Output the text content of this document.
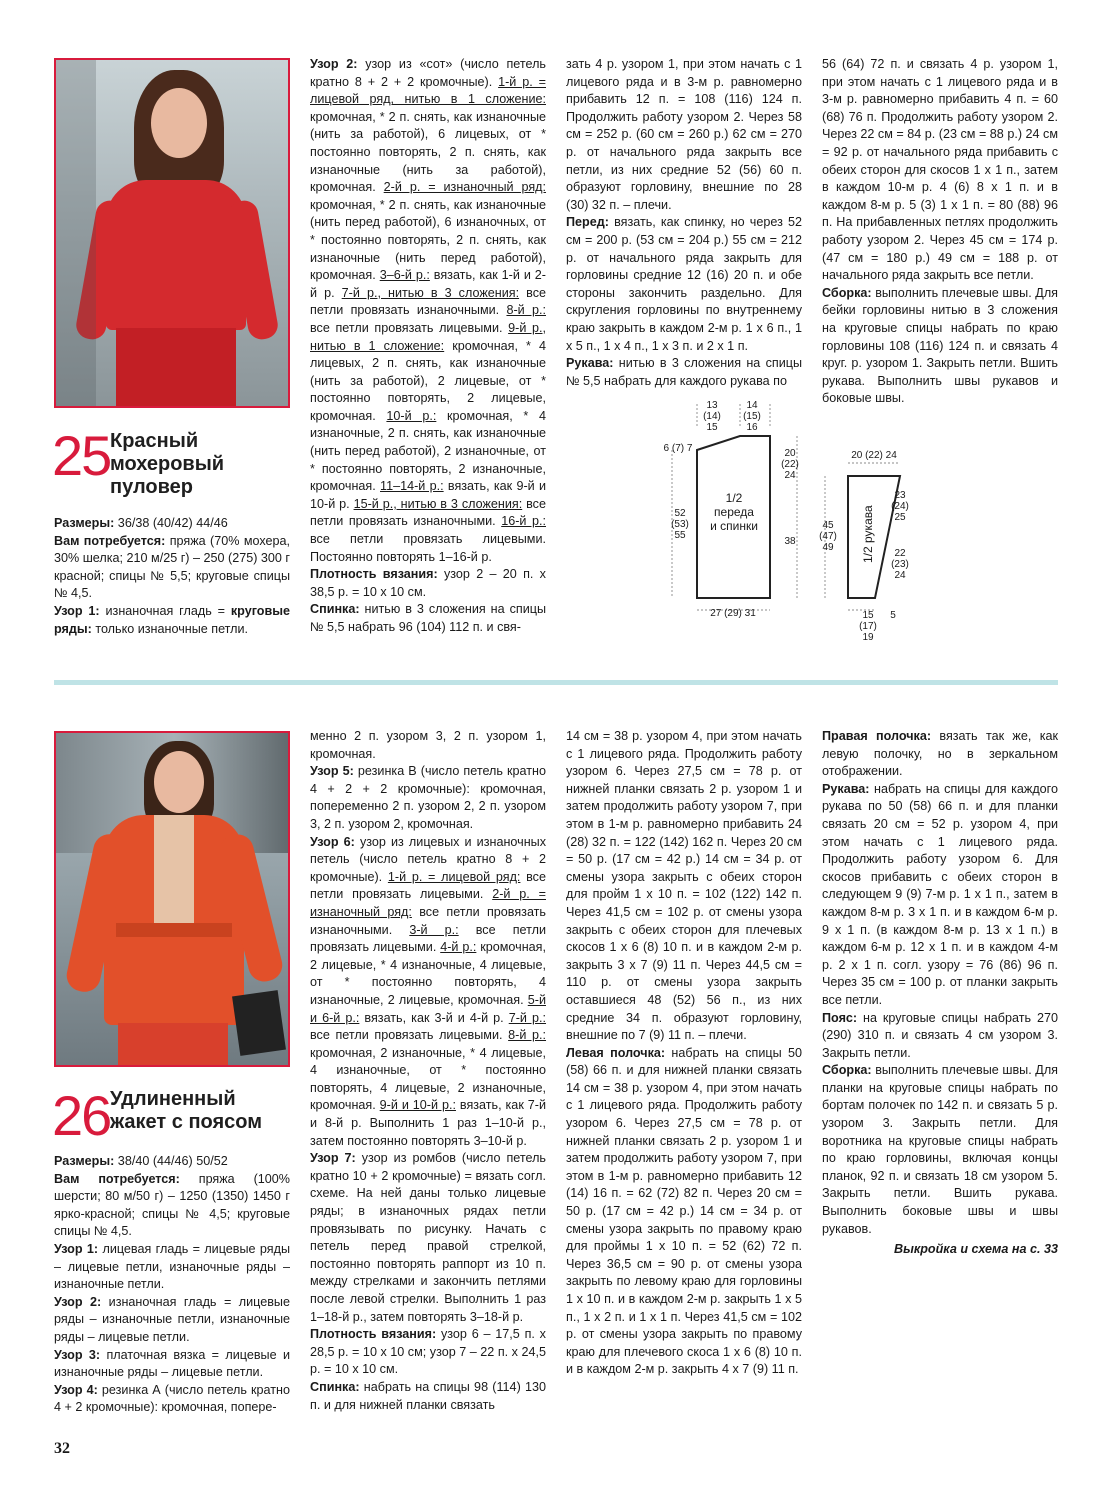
25 Красный
мохеровый
пуловер

Размеры: 36/38 (40/42) 44/46

Вам потребуется: пряжа (70% мохера, 30% шелка; 210 м/25 г) – 250 (275) 300 г красной; спицы № 5,5; круговые спицы № 4,5.

Узор 1: изнаночная гладь = круговые ряды: только изнаночные петли.

Узор 2: узор из «сот» (число петель кратно 8 + 2 + 2 кромочные). 1-й р. = лицевой ряд, нитью в 1 сложение: кромочная, * 2 п. снять, как изнаночные (нить за работой), 6 лицевых, от * постоянно повторять, 2 п. снять, как изнаночные (нить за работой), кромочная. 2-й р. = изнаночный ряд: кромочная, * 2 п. снять, как изнаночные (нить перед работой), 6 изнаночных, от * постоянно повторять, 2 п. снять, как изнаночные (нить перед работой), кромочная. 3–6-й р.: вязать, как 1-й и 2-й р. 7-й р., нитью в 3 сложения: все петли провязать изнаночными. 8-й р.: все петли провязать лицевыми. 9-й р., нитью в 1 сложение: кромочная, * 4 лицевых, 2 п. снять, как изнаночные (нить за работой), 2 лицевые, от * постоянно повторять, 2 лицевые, кромочная. 10-й р.: кромочная, * 4 изнаночные, 2 п. снять, как изнаночные (нить перед работой), 2 изнаночные, от * постоянно повторять, 2 изнаночные, кромочная. 11–14-й р.: вязать, как 9-й и 10-й р. 15-й р., нитью в 3 сложения: все петли провязать изнаночными. 16-й р.: все петли провязать лицевыми. Постоянно повторять 1–16-й р.
Плотность вязания: узор 2 – 20 п. х 38,5 р. = 10 х 10 см.
Спинка: нитью в 3 сложения на спицы № 5,5 набрать 96 (104) 112 п. и свя-
зать 4 р. узором 1, при этом начать с 1 лицевого ряда и в 3-м р. равномерно прибавить 12 п. = 108 (116) 124 п. Продолжить работу узором 2. Через 58 см = 252 р. (60 см = 260 р.) 62 см = 270 р. от начального ряда закрыть все петли, из них средние 52 (56) 60 п. образуют горловину, внешние по 28 (30) 32 п. – плечи.
Перед: вязать, как спинку, но через 52 см = 200 р. (53 см = 204 р.) 55 см = 212 р. от начального ряда закрыть для горловины средние 12 (16) 20 п. и обе стороны закончить раздельно. Для скругления горловины по внутреннему краю закрыть в каждом 2-м р. 1 х 6 п., 1 х 5 п., 1 х 4 п., 1 х 3 п. и 2 х 1 п.
Рукава: нитью в 3 сложения на спицы № 5,5 набрать для каждого рукава по
56 (64) 72 п. и связать 4 р. узором 1, при этом начать с 1 лицевого ряда и в 3-м р. равномерно прибавить 4 п. = 60 (68) 76 п. Продолжить работу узором 2. Через 22 см = 84 р. (23 см = 88 р.) 24 см = 92 р. от начального ряда прибавить с обеих сторон для скосов 1 х 1 п., затем в каждом 10-м р. 4 (6) 8 х 1 п. и в каждом 8-м р. 5 (3) 1 х 1 п. = 80 (88) 96 п. На прибавленных петлях продолжить работу узором 2. Через 45 см = 174 р. (47 см = 180 р.) 49 см = 188 р. от начального ряда закрыть все петли.
Сборка: выполнить плечевые швы. Для бейки горловины нитью в 3 сложения на круговые спицы набрать по краю горловины 108 (116) 124 п. и связать 4 круг. р. узором 1. Закрыть петли. Вшить рукава. Выполнить швы рукавов и боковые швы.
13
(14)
15
14
(15)
16
6 (7) 7	20
(22)
24
52
(53)
55
38
1/2
переда
и спинки
27 (29) 31
20 (22) 24
23
(24)
25
22
(23)
24
45
(47)
49 1/2 рукава
15
(17)
19
5
26 Удлиненный
жакет с поясом

Размеры: 38/40 (44/46) 50/52

Вам потребуется: пряжа (100% шерсти; 80 м/50 г) – 1250 (1350) 1450 г ярко-красной; спицы № 4,5; круговые спицы № 4,5.

Узор 1: лицевая гладь = лицевые ряды – лицевые петли, изнаночные ряды – изнаночные петли.

Узор 2: изнаночная гладь = лицевые ряды – изнаночные петли, изнаночные ряды – лицевые петли.

Узор 3: платочная вязка = лицевые и изнаночные ряды – лицевые петли.

Узор 4: резинка А (число петель кратно 4 + 2 кромочные): кромочная, попере-

менно 2 п. узором 3, 2 п. узором 1, кромочная.
Узор 5: резинка В (число петель кратно 4 + 2 + 2 кромочные): кромочная, попеременно 2 п. узором 2, 2 п. узором 3, 2 п. узором 2, кромочная.
Узор 6: узор из лицевых и изнаночных петель (число петель кратно 8 + 2 кромочные). 1-й р. = лицевой ряд: все петли провязать лицевыми. 2-й р. = изнаночный ряд: все петли провязать изнаночными. 3-й р.: все петли провязать лицевыми. 4-й р.: кромочная, 2 лицевые, * 4 изнаночные, 4 лицевые, от * постоянно повторять, 4 изнаночные, 2 лицевые, кромочная. 5-й и 6-й р.: вязать, как 3-й и 4-й р. 7-й р.: все петли провязать лицевыми. 8-й р.: кромочная, 2 изнаночные, * 4 лицевые, 4 изнаночные, от * постоянно повторять, 4 лицевые, 2 изнаночные, кромочная. 9-й и 10-й р.: вязать, как 7-й и 8-й р. Выполнить 1 раз 1–10-й р., затем постоянно повторять 3–10-й р.
Узор 7: узор из ромбов (число петель кратно 10 + 2 кромочные) = вязать согл. схеме. На ней даны только лицевые ряды; в изнаночных рядах петли провязывать по рисунку. Начать с петель перед правой стрелкой, постоянно повторять раппорт из 10 п. между стрелками и закончить петлями после левой стрелки. Выполнить 1 раз 1–18-й р., затем повторять 3–18-й р.
Плотность вязания: узор 6 – 17,5 п. х 28,5 р. = 10 х 10 см; узор 7 – 22 п. х 24,5 р. = 10 х 10 см.
Спинка: набрать на спицы 98 (114) 130 п. и для нижней планки связать
14 см = 38 р. узором 4, при этом начать с 1 лицевого ряда. Продолжить работу узором 6. Через 27,5 см = 78 р. от нижней планки связать 2 р. узором 1 и затем продолжить работу узором 7, при этом в 1-м р. равномерно прибавить 24 (28) 32 п. = 122 (142) 162 п. Через 20 см = 50 р. (17 см = 42 р.) 14 см = 34 р. от смены узора закрыть с обеих сторон для пройм 1 х 10 п. = 102 (122) 142 п. Через 41,5 см = 102 р. от смены узора закрыть с обеих сторон для плечевых скосов 1 х 6 (8) 10 п. и в каждом 2-м р. закрыть 3 х 7 (9) 11 п. Через 44,5 см = 110 р. от смены узора закрыть оставшиеся 48 (52) 56 п., из них средние 34 п. образуют горловину, внешние по 7 (9) 11 п. – плечи.
Левая полочка: набрать на спицы 50 (58) 66 п. и для нижней планки связать 14 см = 38 р. узором 4, при этом начать с 1 лицевого ряда. Продолжить работу узором 6. Через 27,5 см = 78 р. от нижней планки связать 2 р. узором 1 и затем продолжить работу узором 7, при этом в 1-м р. равномерно прибавить 12 (14) 16 п. = 62 (72) 82 п. Через 20 см = 50 р. (17 см = 42 р.) 14 см = 34 р. от смены узора закрыть по правому краю для проймы 1 х 10 п. = 52 (62) 72 п. Через 36,5 см = 90 р. от смены узора закрыть по левому краю для горловины 1 х 10 п. и в каждом 2-м р. закрыть 1 х 5 п., 1 х 2 п. и 1 х 1 п. Через 41,5 см = 102 р. от смены узора закрыть по правому краю для плечевого скоса 1 х 6 (8) 10 п. и в каждом 2-м р. закрыть 4 х 7 (9) 11 п.
Правая полочка: вязать так же, как левую полочку, но в зеркальном отображении.
Рукава: набрать на спицы для каждого рукава по 50 (58) 66 п. и для планки связать 20 см = 52 р. узором 4, при этом начать с 1 лицевого ряда. Продолжить работу узором 6. Для скосов прибавить с обеих сторон в следующем 9 (9) 7-м р. 1 х 1 п., затем в каждом 8-м р. 3 х 1 п. и в каждом 6-м р. 9 х 1 п. (в каждом 8-м р. 13 х 1 п.) в каждом 6-м р. 12 х 1 п. и в каждом 4-м р. 2 х 1 п. согл. узору = 76 (86) 96 п. Через 35 см = 100 р. от планки закрыть все петли.
Пояс: на круговые спицы набрать 270 (290) 310 п. и связать 4 см узором 3. Закрыть петли.
Сборка: выполнить плечевые швы. Для планки на круговые спицы набрать по бортам полочек по 142 п. и связать 5 р. узором 3. Закрыть петли. Для воротника на круговые спицы набрать по краю горловины, включая концы планок, 92 п. и связать 18 см узором 5. Закрыть петли. Вшить рукава. Выполнить боковые швы и швы рукавов.
Выкройка и схема на с. 33
32
